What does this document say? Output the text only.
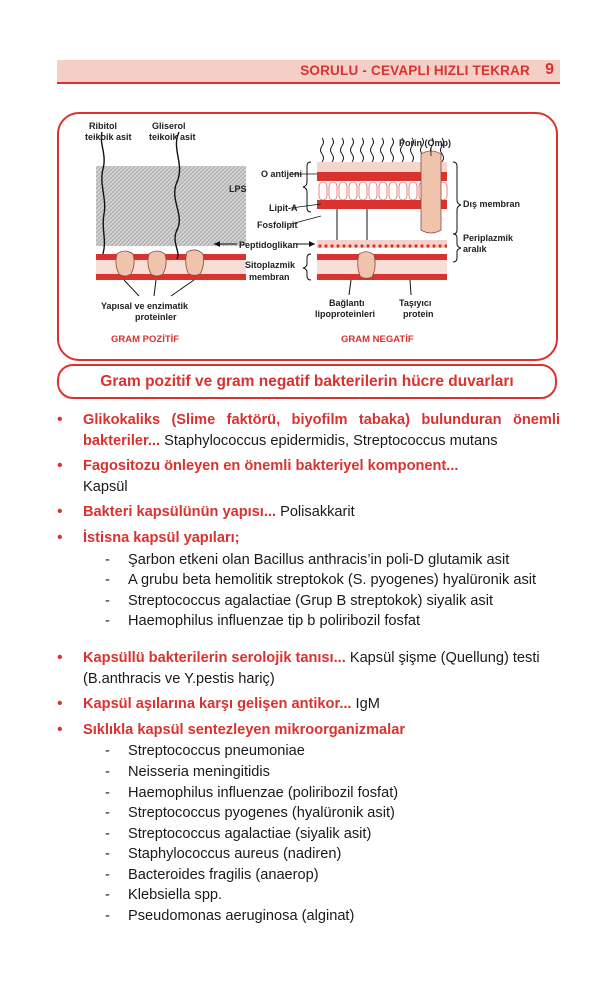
SORULU - CEVAPLI HIZLI TEKRAR 9
Ribitol
teikoik asit
Gliserol
teikoik asit
Yapısal ve enzimatik
proteinler
GRAM POZİTİF
Porin (Omp)
O antijeni
LPS
Lipit-A
Fosfolipit
Dış membran
Peptidoglikan
Periplazmik
aralık
Sitoplazmik
membran
Bağlantı
lipoproteinleri
Taşıyıcı
protein
GRAM NEGATİF
Gram pozitif ve gram negatif bakterilerin hücre duvarları
• Glikokaliks (Slime faktörü, biyofilm tabaka) bulunduran önemli bakteriler... Staphylococcus epidermidis, Streptococcus mutans
• Fagositozu önleyen en önemli bakteriyel komponent...
Kapsül
• Bakteri kapsülünün yapısı... Polisakkarit
• İstisna kapsül yapıları;
- Şarbon etkeni olan Bacillus anthracis’in poli-D glutamik asit
- A grubu beta hemolitik streptokok (S. pyogenes) hyalüronik asit
- Streptococcus agalactiae (Grup B streptokok) siyalik asit
- Haemophilus influenzae tip b poliribozil fosfat
• Kapsüllü bakterilerin serolojik tanısı... Kapsül şişme (Quellung) testi (B.anthracis ve Y.pestis hariç)
• Kapsül aşılarına karşı gelişen antikor... IgM
• Sıklıkla kapsül sentezleyen mikroorganizmalar
- Streptococcus pneumoniae
- Neisseria meningitidis
- Haemophilus influenzae (poliribozil fosfat)
- Streptococcus pyogenes (hyalüronik asit)
- Streptococcus agalactiae (siyalik asit)
- Staphylococcus aureus (nadiren)
- Bacteroides fragilis (anaerop)
- Klebsiella spp.
- Pseudomonas aeruginosa (alginat)
